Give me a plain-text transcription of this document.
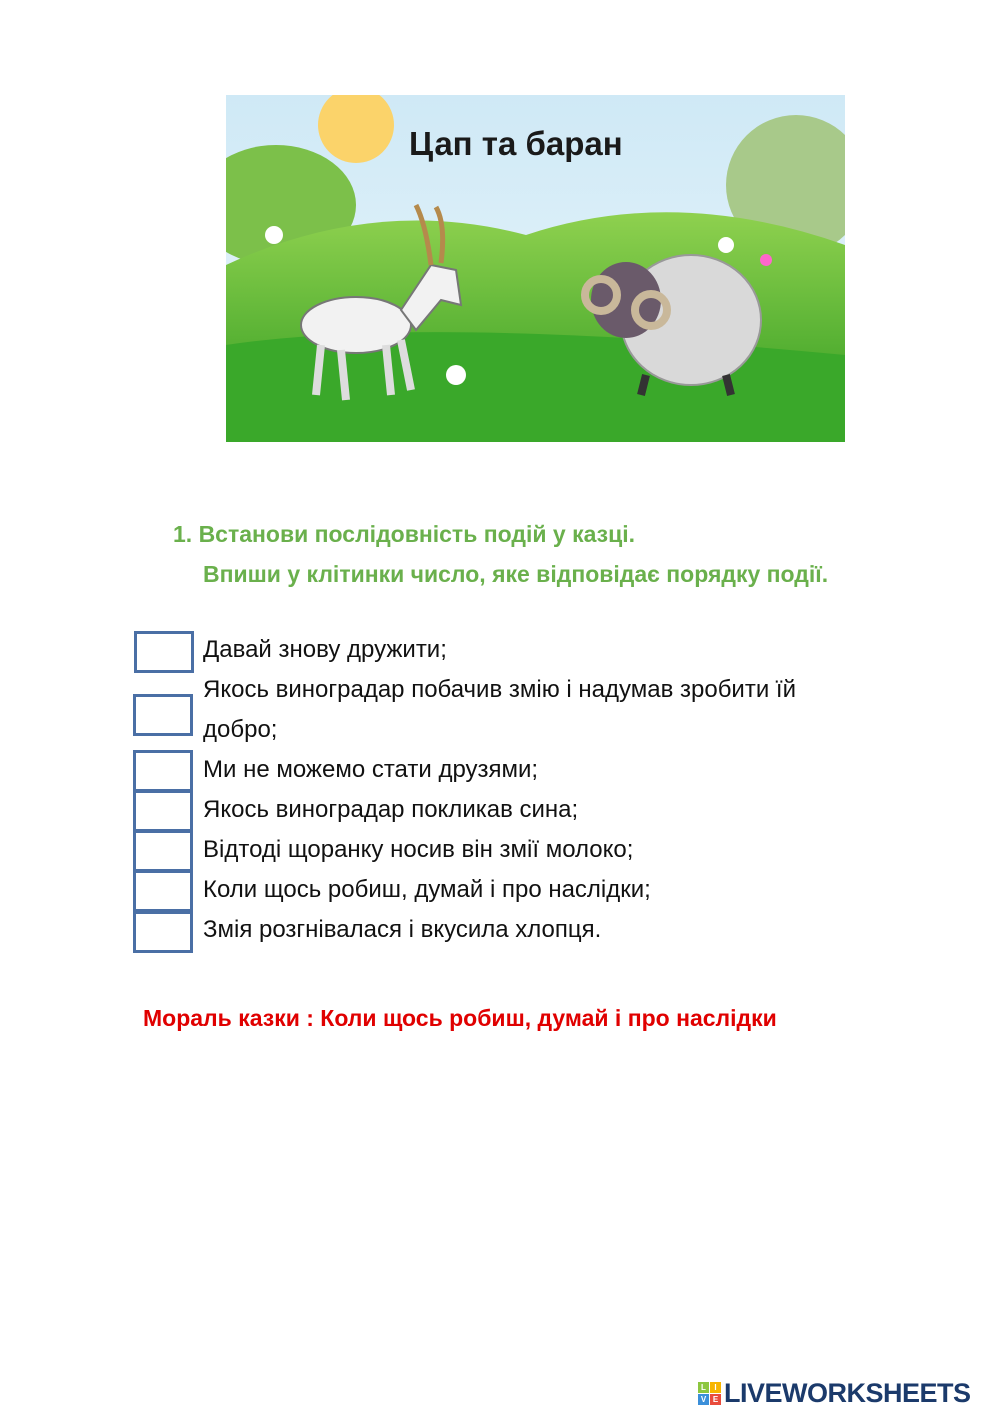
Цап та баран
1. Встанови послідовність подій у казці.
Впиши у клітинки число, яке відповідає порядку події.
Давай знову дружити;
Якось виноградар побачив змію і надумав зробити їй
добро;
Ми не можемо стати друзями;
Якось виноградар покликав сина;
Відтоді щоранку носив він змії молоко;
Коли щось робиш, думай і про наслідки;
Змія розгнівалася і вкусила хлопця.
Мораль казки : Коли щось робиш, думай і про наслідки
L	I
V E LIVEWORKSHEETS
